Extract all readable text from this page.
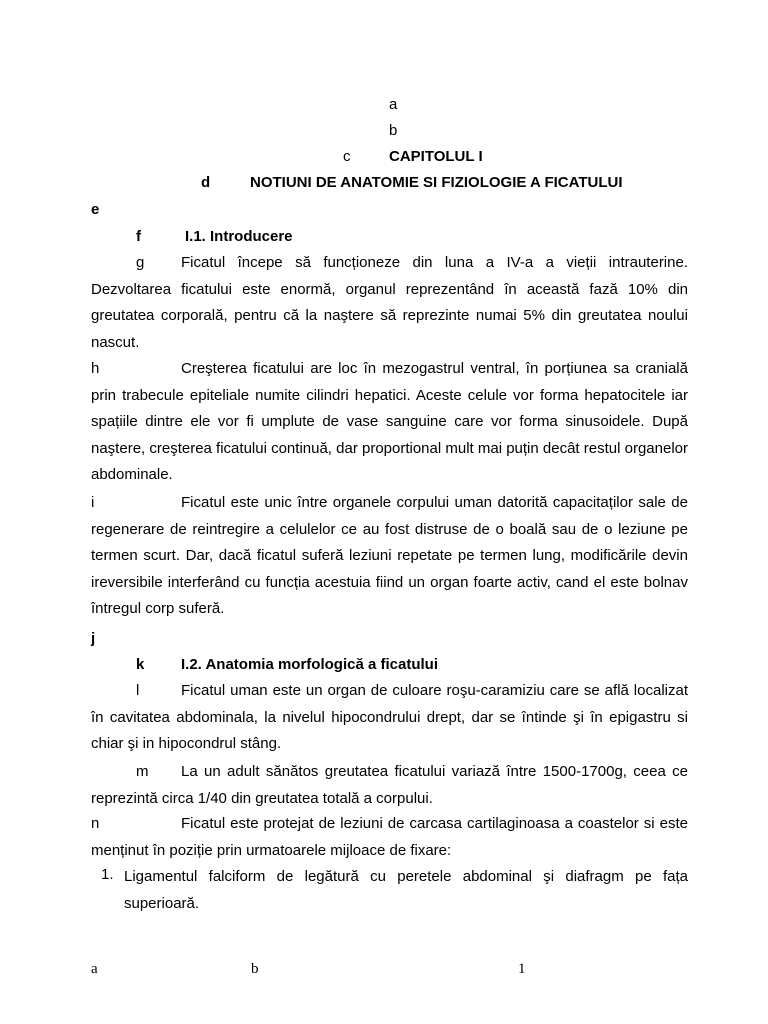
a
b
c	CAPITOLUL I
d	NOTIUNI DE ANATOMIE SI FIZIOLOGIE A FICATULUI
e
f	I.1. Introducere
g Ficatul începe să funcționeze din luna a IV-a a vieții intrauterine. Dezvoltarea ficatului este enormă, organul reprezentând în această fază 10% din greutatea corporală, pentru că la naştere să reprezinte numai 5% din greutatea noului nascut.
h	Creşterea ficatului are loc în mezogastrul ventral, în porțiunea sa cranială prin trabecule epiteliale numite cilindri hepatici. Aceste celule vor forma hepatocitele iar spațiile dintre ele vor fi umplute de vase sanguine care vor forma sinusoidele. După naştere, creşterea ficatului continuă, dar proportional mult mai puțin decât restul organelor abdominale.
i	Ficatul este unic între organele corpului uman datorită capacitaților sale de regenerare de reintregire a celulelor ce au fost distruse de o boală sau de o leziune pe termen scurt. Dar, dacă ficatul suferă leziuni repetate pe termen lung, modificările devin ireversibile interferând cu funcția acestuia fiind un organ foarte activ, cand el este bolnav întregul corp suferă.
j
k I.2. Anatomia morfologică a ficatului
l	Ficatul uman este un organ de culoare roşu-caramiziu care se află localizat în cavitatea abdominala, la nivelul hipocondrului drept, dar se întinde şi în epigastru si chiar şi in hipocondrul stâng.
m La un adult sănătos greutatea ficatului variază între 1500-1700g, ceea ce reprezintă circa 1/40 din greutatea totală a corpului.
n	Ficatul este protejat de leziuni de carcasa cartilaginoasa a coastelor si este menținut în poziție prin urmatoarele mijloace de fixare:
1. Ligamentul falciform de legătură cu peretele abdominal şi diafragm pe fața superioară.
a	b	1
